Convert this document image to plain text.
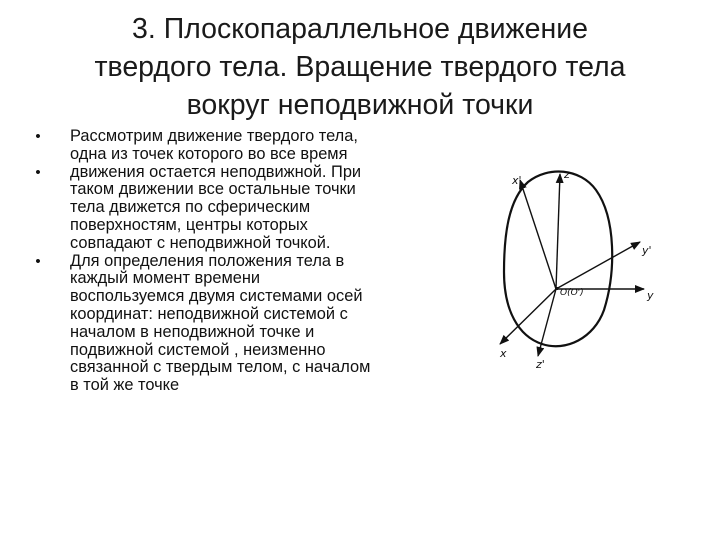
3. Плоскопараллельное движение
твердого тела. Вращение твердого тела
вокруг неподвижной точки
•	Рассмотрим движение твердого тела,
одна из точек которого во все время
•	движения остается неподвижной. При
таком движении все остальные точки
тела движется по сферическим
поверхностям, центры которых
совпадают с неподвижной точкой.
•	Для определения положения тела в
каждый момент времени
воспользуемся двумя системами осей
координат: неподвижной системой с
началом в неподвижной точке и
подвижной системой , неизменно
связанной с твердым телом, с началом
в той же точке
x'	z
y'
y
O(O')
x
z'
